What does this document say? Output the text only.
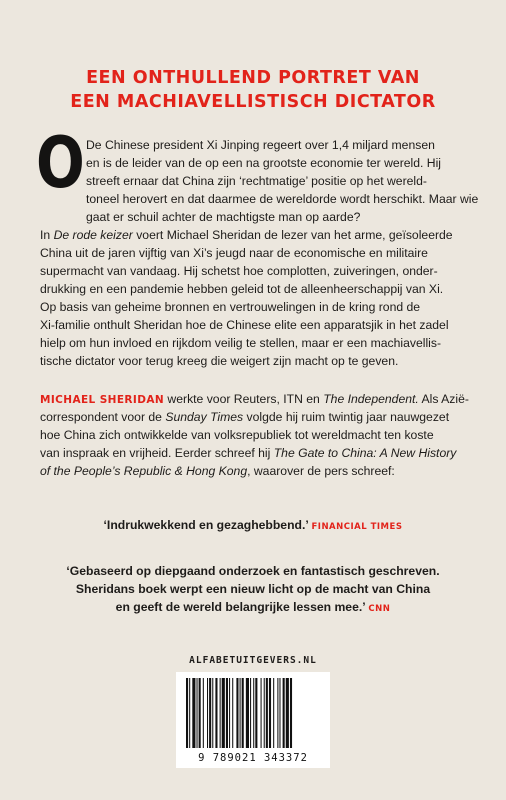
EEN ONTHULLEND PORTRET VAN
EEN MACHIAVELLISTISCH DICTATOR
O De Chinese president Xi Jinping regeert over 1,4 miljard mensen
en is de leider van de op een na grootste economie ter wereld. Hij
streeft ernaar dat China zijn ‘rechtmatige’ positie op het wereld-
toneel herovert en dat daarmee de wereldorde wordt herschikt. Maar wie
gaat er schuil achter de machtigste man op aarde?
In De rode keizer voert Michael Sheridan de lezer van het arme, geïsoleerde
China uit de jaren vijftig van Xi’s jeugd naar de economische en militaire
supermacht van vandaag. Hij schetst hoe complotten, zuiveringen, onder-
drukking en een pandemie hebben geleid tot de alleenheerschappij van Xi.
Op basis van geheime bronnen en vertrouwelingen in de kring rond de
Xi-familie onthult Sheridan hoe de Chinese elite een apparatsjik in het zadel
hielp om hun invloed en rijkdom veilig te stellen, maar er een machiavellis-
tische dictator voor terug kreeg die weigert zijn macht op te geven.
MICHAEL SHERIDAN werkte voor Reuters, ITN en The Independent. Als Azië-
correspondent voor de Sunday Times volgde hij ruim twintig jaar nauwgezet
hoe China zich ontwikkelde van volksrepubliek tot wereldmacht ten koste
van inspraak en vrijheid. Eerder schreef hij The Gate to China: A New History
of the People’s Republic & Hong Kong, waarover de pers schreef:
‘Indrukwekkend en gezaghebbend.’ FINANCIAL TIMES
‘Gebaseerd op diepgaand onderzoek en fantastisch geschreven.
Sheridans boek werpt een nieuw licht op de macht van China
en geeft de wereld belangrijke lessen mee.’ CNN
ALFABETUITGEVERS.NL
9 789021 343372
